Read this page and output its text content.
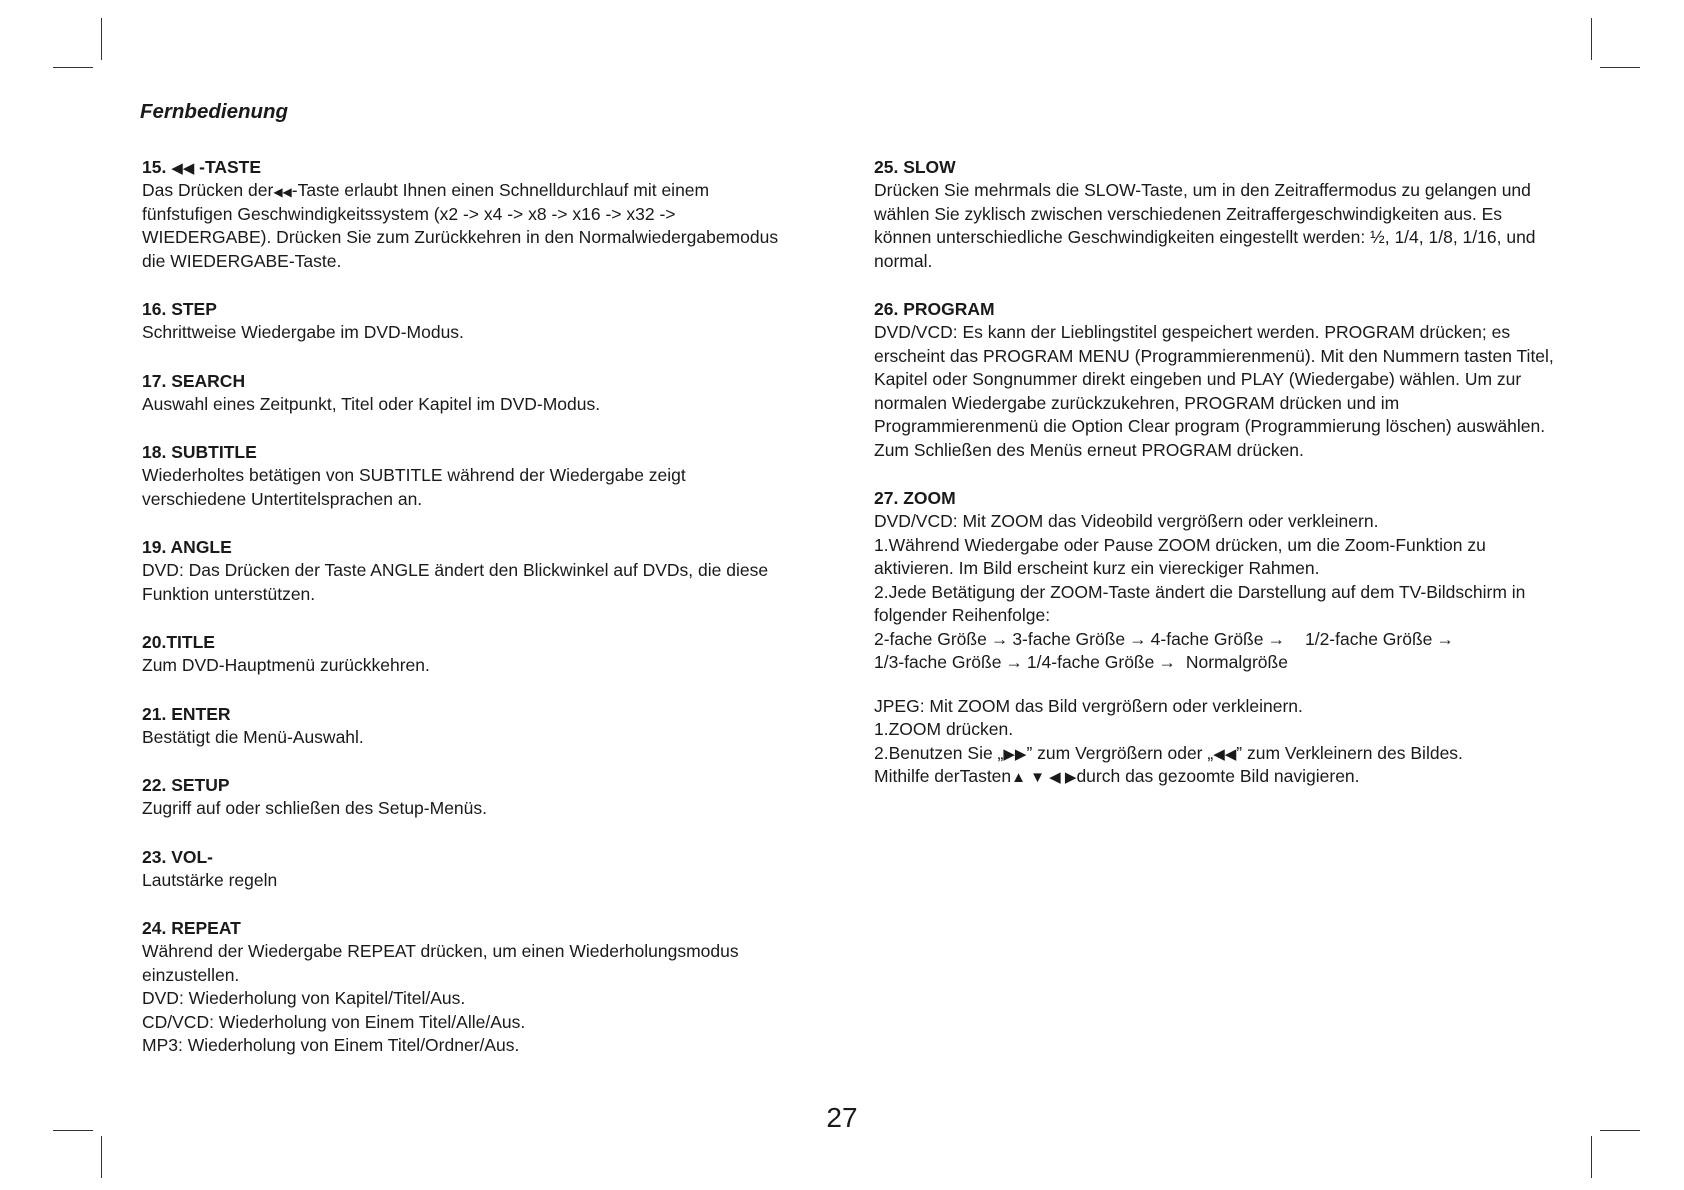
Fernbedienung

15. ◀◀ -TASTE

Das Drücken der◀◀-Taste erlaubt Ihnen einen Schnelldurchlauf mit einem fünfstufigen Geschwindigkeitssystem (x2 -> x4 -> x8 -> x16 -> x32 -> WIEDERGABE). Drücken Sie zum Zurückkehren in den Normalwiedergabemodus die WIEDERGABE-Taste.

16. STEP

Schrittweise Wiedergabe im DVD-Modus.

17. SEARCH

Auswahl eines Zeitpunkt, Titel oder Kapitel im DVD-Modus.

18. SUBTITLE

Wiederholtes betätigen von SUBTITLE während der Wiedergabe zeigt verschiedene Untertitelsprachen an.

19. ANGLE

DVD: Das Drücken der Taste ANGLE ändert den Blickwinkel auf DVDs, die diese Funktion unterstützen.

20.TITLE

Zum DVD-Hauptmenü zurückkehren.

21. ENTER

Bestätigt die Menü-Auswahl.

22. SETUP

Zugriff auf oder schließen des Setup-Menüs.

23. VOL-

Lautstärke regeln

24. REPEAT

Während der Wiedergabe REPEAT drücken, um einen Wiederholungsmodus einzustellen.
DVD: Wiederholung von Kapitel/Titel/Aus.
CD/VCD: Wiederholung von Einem Titel/Alle/Aus.
MP3: Wiederholung von Einem Titel/Ordner/Aus.

25. SLOW

Drücken Sie mehrmals die SLOW-Taste, um in den Zeitraffermodus zu gelangen und wählen Sie zyklisch zwischen verschiedenen Zeitraffergeschwindigkeiten aus. Es können unterschiedliche Geschwindigkeiten eingestellt werden: ½, 1/4, 1/8, 1/16, und normal.

26. PROGRAM

DVD/VCD: Es kann der Lieblingstitel gespeichert werden. PROGRAM drücken; es erscheint das PROGRAM MENU (Programmierenmenü). Mit den Nummern tasten Titel, Kapitel oder Songnummer direkt eingeben und PLAY (Wiedergabe) wählen. Um zur normalen Wiedergabe zurückzukehren, PROGRAM drücken und im Programmierenmenü die Option Clear program (Programmierung löschen) auswählen. Zum Schließen des Menüs erneut PROGRAM drücken.

27. ZOOM

DVD/VCD: Mit ZOOM das Videobild vergrößern oder verkleinern.
1.Während Wiedergabe oder Pause ZOOM drücken, um die Zoom-Funktion zu aktivieren. Im Bild erscheint kurz ein viereckiger Rahmen.
2.Jede Betätigung der ZOOM-Taste ändert die Darstellung auf dem TV-Bildschirm in folgender Reihenfolge:
2-fache Größe → 3-fache Größe → 4-fache Größe → 1/2-fache Größe →
1/3-fache Größe → 1/4-fache Größe → Normalgröße
JPEG: Mit ZOOM das Bild vergrößern oder verkleinern.
1.ZOOM drücken.
2.Benutzen Sie „▶▶” zum Vergrößern oder „◀◀” zum Verkleinern des Bildes.
Mithilfe derTasten▲ ▼ ◀ ▶durch das gezoomte Bild navigieren.

27
